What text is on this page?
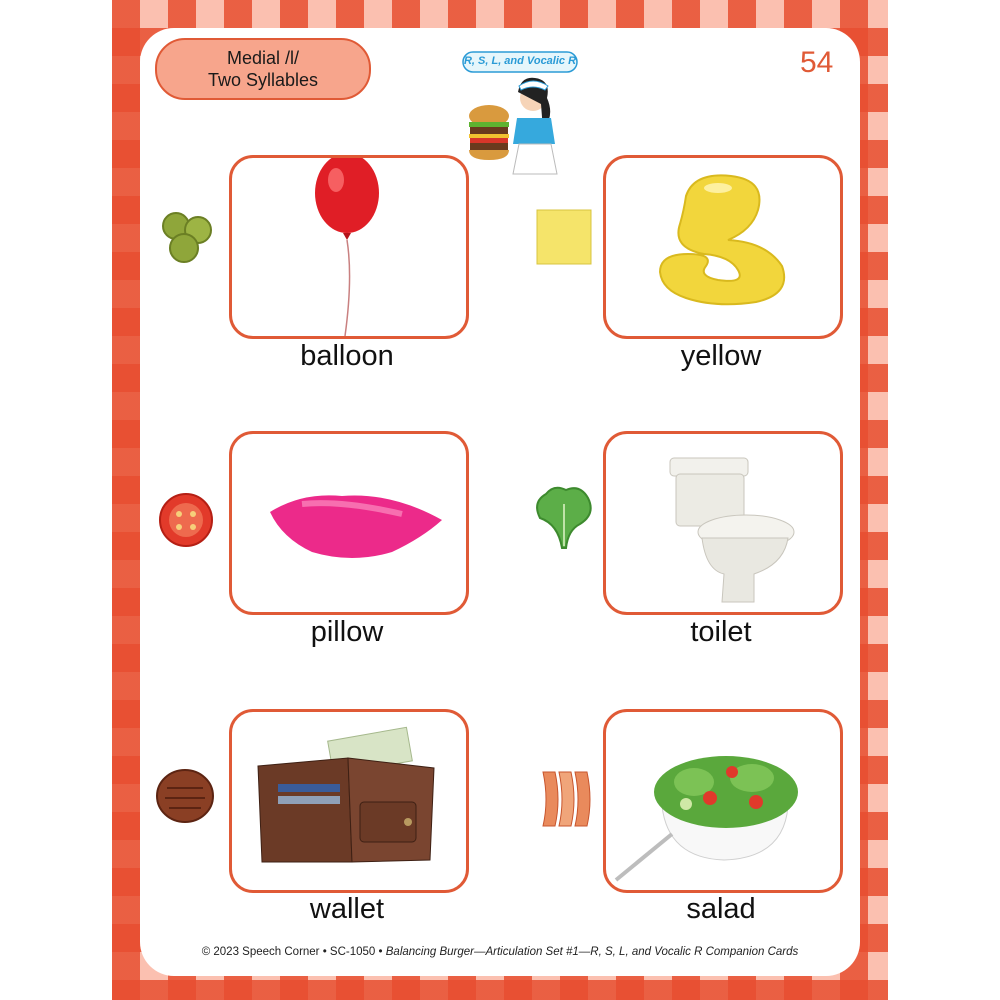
Medial /l/
Two Syllables
R, S, L, and Vocalic R	54
balloon	yellow
pillow	toilet
wallet	salad
© 2023 Speech Corner • SC-1050 • Balancing Burger—Articulation Set #1—R, S, L, and Vocalic R Companion Cards
